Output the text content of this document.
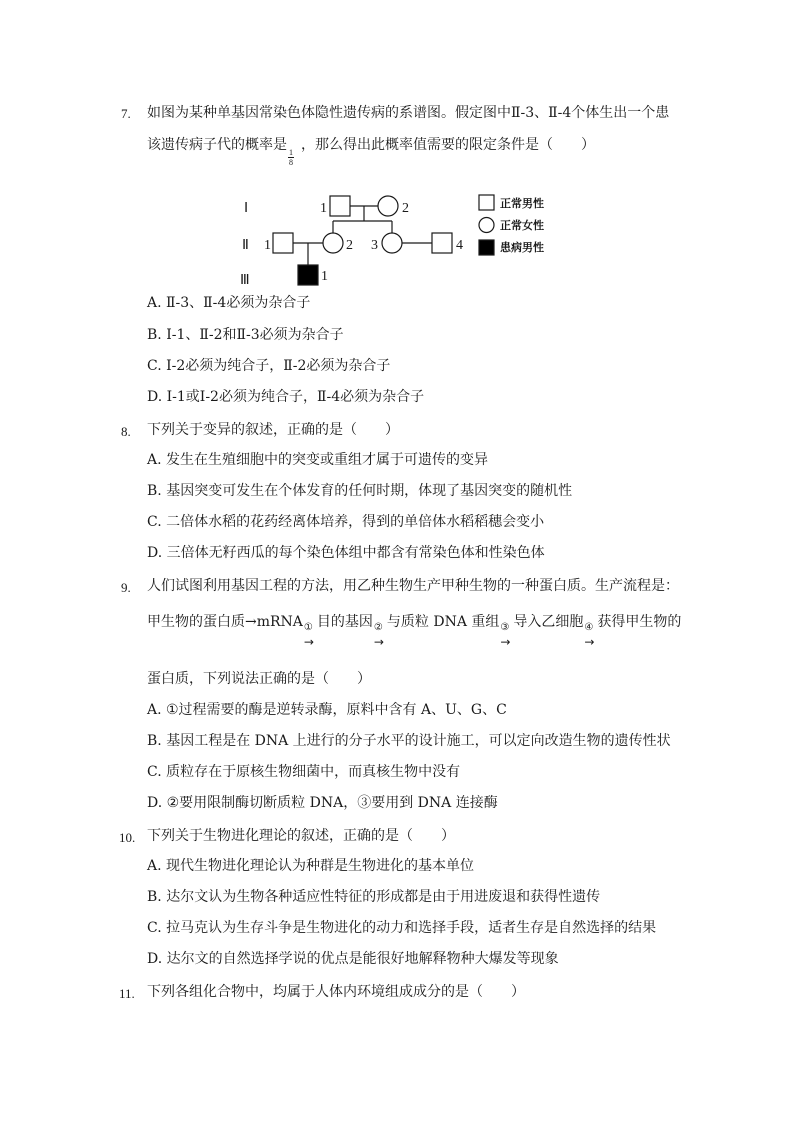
7. 如图为某种单基因常染色体隐性遗传病的系谱图。假定图中Ⅱ-3、Ⅱ-4个体生出一个患
该遗传病子代的概率是 ，那么得出此概率值需要的限定条件是（　　）
1
8
Ⅰ
Ⅱ
Ⅲ
1	2
1	2 3	4
1
正常男性
正常女性
患病男性
A. Ⅱ-3、Ⅱ-4必须为杂合子
B. Ⅰ-1、Ⅱ-2和Ⅱ-3必须为杂合子
C. Ⅰ-2必须为纯合子，Ⅱ-2必须为杂合子
D. Ⅰ-1或Ⅰ-2必须为纯合子，Ⅱ-4必须为杂合子
8. 下列关于变异的叙述，正确的是（　　）
A. 发生在生殖细胞中的突变或重组才属于可遗传的变异
B. 基因突变可发生在个体发育的任何时期，体现了基因突变的随机性
C. 二倍体水稻的花药经离体培养，得到的单倍体水稻稻穗会变小
D. 三倍体无籽西瓜的每个染色体组中都含有常染色体和性染色体
9. 人们试图利用基因工程的方法，用乙种生物生产甲种生物的一种蛋白质。生产流程是：
甲生物的蛋白质→mRNA ①
→
目的基因 ②
→
与质粒 DNA 重组 ③
→
导入乙细胞 ④
→
获得甲生物的
蛋白质，下列说法正确的是（　　）
A. ①过程需要的酶是逆转录酶，原料中含有 A、U、G、C
B. 基因工程是在 DNA 上进行的分子水平的设计施工，可以定向改造生物的遗传性状
C. 质粒存在于原核生物细菌中，而真核生物中没有
D. ②要用限制酶切断质粒 DNA，③要用到 DNA 连接酶
10. 下列关于生物进化理论的叙述，正确的是（　　）
A. 现代生物进化理论认为种群是生物进化的基本单位
B. 达尔文认为生物各种适应性特征的形成都是由于用进废退和获得性遗传
C. 拉马克认为生存斗争是生物进化的动力和选择手段，适者生存是自然选择的结果
D. 达尔文的自然选择学说的优点是能很好地解释物种大爆发等现象
11. 下列各组化合物中，均属于人体内环境组成成分的是（　　）
